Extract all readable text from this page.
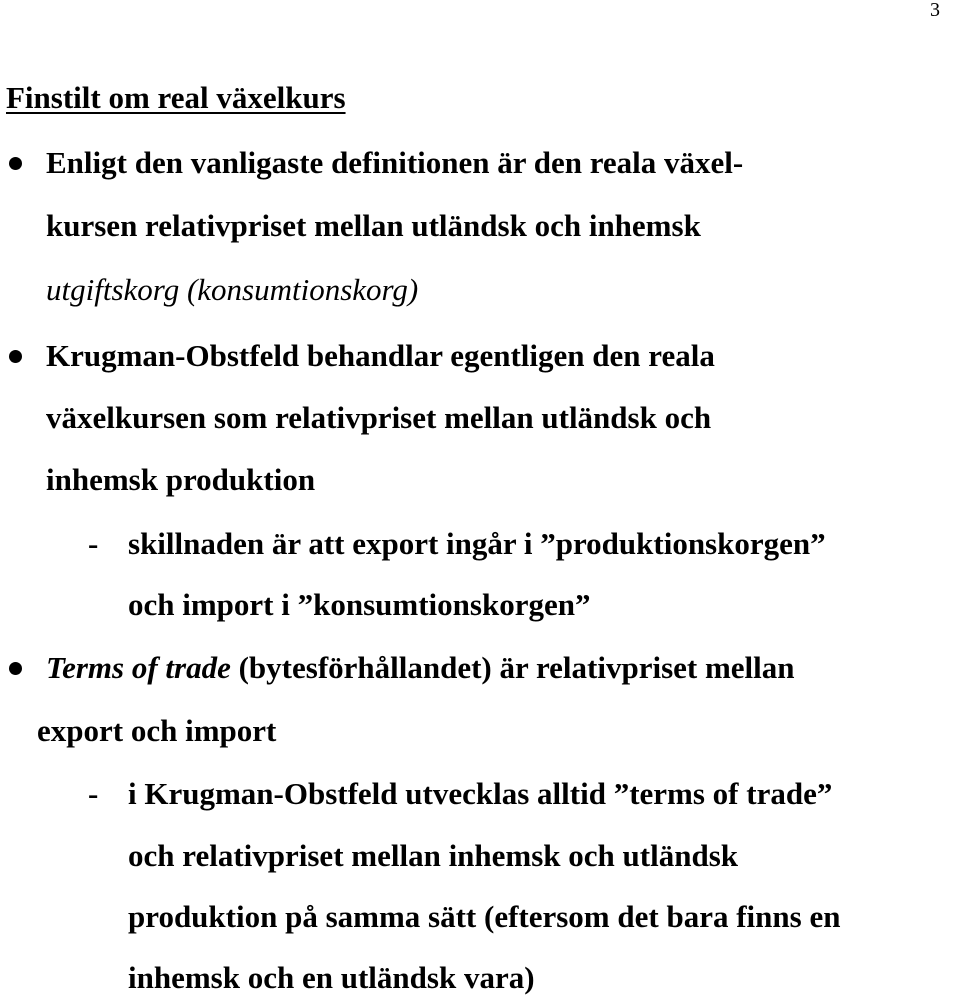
3
Finstilt om real växelkurs
Enligt den vanligaste definitionen är den reala växel-
kursen relativpriset mellan utländsk och inhemsk
utgiftskorg (konsumtionskorg)
Krugman-Obstfeld behandlar egentligen den reala
växelkursen som relativpriset mellan utländsk och
inhemsk produktion
- skillnaden är att export ingår i ”produktionskorgen”
och import i ”konsumtionskorgen”
Terms of trade (bytesförhållandet) är relativpriset mellan
export och import
- i Krugman-Obstfeld utvecklas alltid ”terms of trade”
och relativpriset mellan inhemsk och utländsk
produktion på samma sätt (eftersom det bara finns en
inhemsk och en utländsk vara)
